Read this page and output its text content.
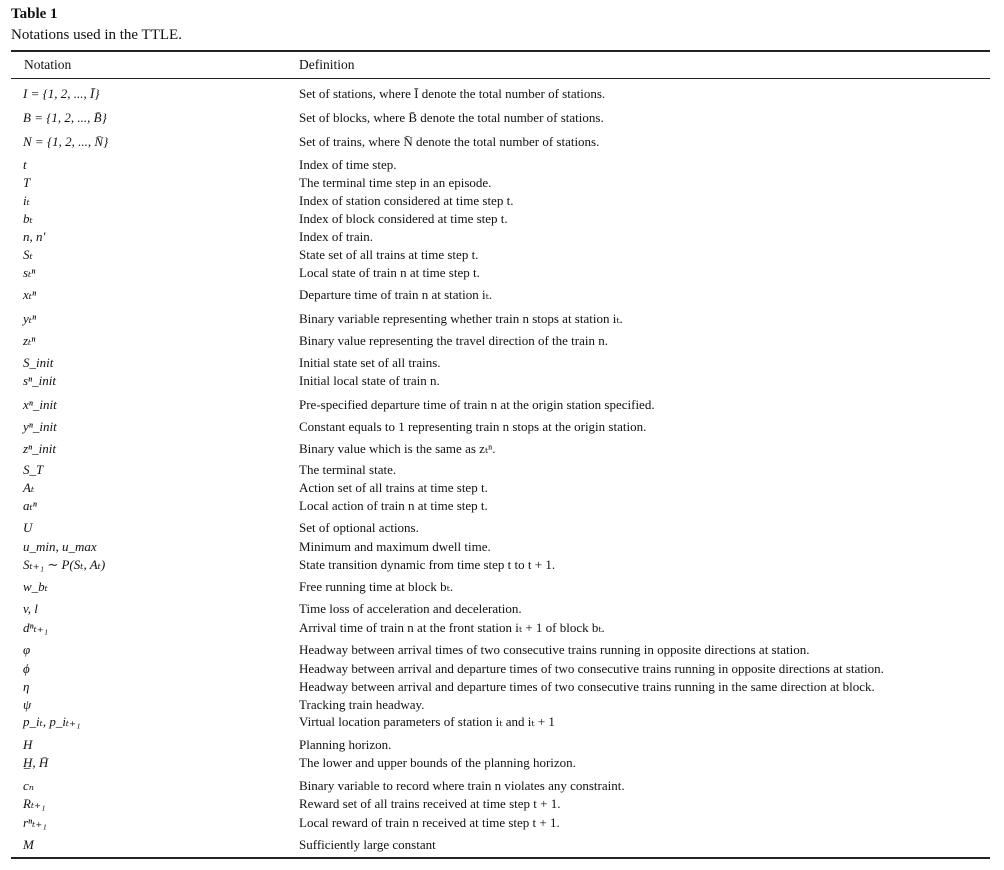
Table 1
Notations used in the TTLE.
Notation	Definition
I = {1, 2, ..., Ī}	Set of stations, where Ī denote the total number of stations.
B = {1, 2, ..., B̄}	Set of blocks, where B̄ denote the total number of stations.
N = {1, 2, ..., N̄}	Set of trains, where N̄ denote the total number of stations.
t	Index of time step.
T	The terminal time step in an episode.
iₜ	Index of station considered at time step t.
bₜ	Index of block considered at time step t.
n, n′	Index of train.
Sₜ	State set of all trains at time step t.
sₜⁿ	Local state of train n at time step t.
xₜⁿ	Departure time of train n at station iₜ.
yₜⁿ	Binary variable representing whether train n stops at station iₜ.
zₜⁿ	Binary value representing the travel direction of the train n.
S_init	Initial state set of all trains.
sⁿ_init	Initial local state of train n.
xⁿ_init	Pre-specified departure time of train n at the origin station specified.
yⁿ_init	Constant equals to 1 representing train n stops at the origin station.
zⁿ_init	Binary value which is the same as zₜⁿ.
S_T	The terminal state.
Aₜ	Action set of all trains at time step t.
aₜⁿ	Local action of train n at time step t.
U	Set of optional actions.
u_min, u_max	Minimum and maximum dwell time.
Sₜ₊₁ ∼ P(Sₜ, Aₜ)	State transition dynamic from time step t to t + 1.
w_bₜ	Free running time at block bₜ.
v, l	Time loss of acceleration and deceleration.
dⁿₜ₊₁	Arrival time of train n at the front station iₜ + 1 of block bₜ.
φ	Headway between arrival times of two consecutive trains running in opposite directions at station.
ϕ	Headway between arrival and departure times of two consecutive trains running in opposite directions at station.
η	Headway between arrival and departure times of two consecutive trains running in the same direction at block.
ψ	Tracking train headway.
p_iₜ, p_iₜ₊₁	Virtual location parameters of station iₜ and iₜ + 1
H	Planning horizon.
H̲, H̄	The lower and upper bounds of the planning horizon.
cₙ	Binary variable to record where train n violates any constraint.
Rₜ₊₁	Reward set of all trains received at time step t + 1.
rⁿₜ₊₁	Local reward of train n received at time step t + 1.
M	Sufficiently large constant
